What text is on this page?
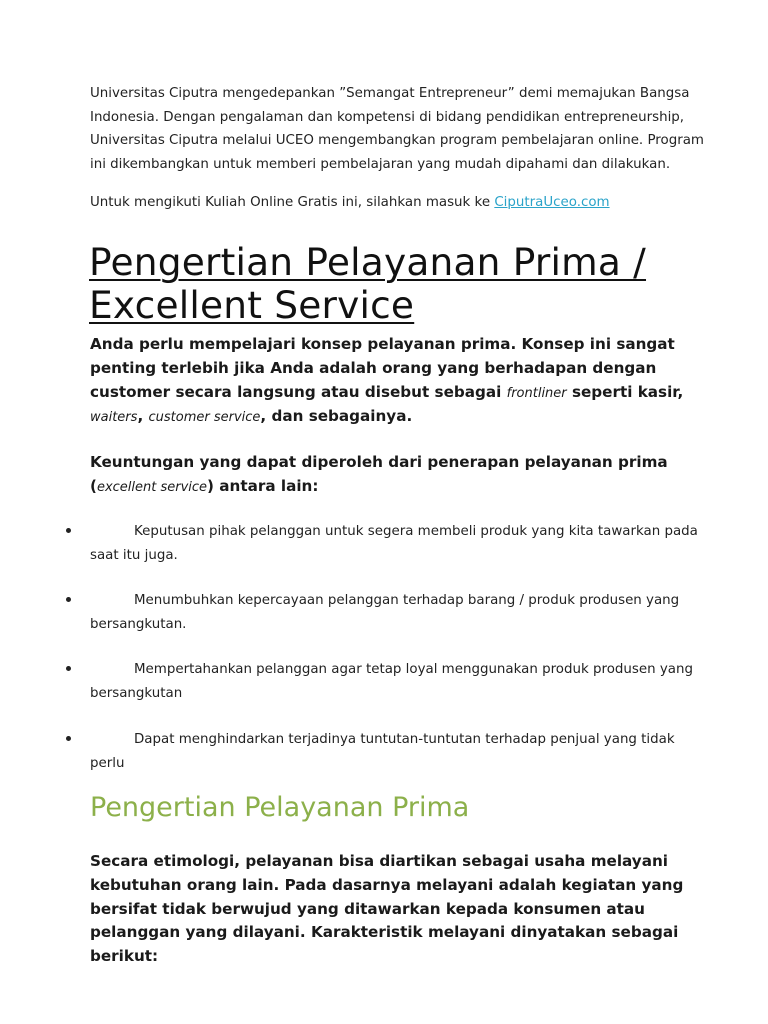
Universitas Ciputra mengedepankan ”Semangat Entrepreneur” demi memajukan Bangsa Indonesia. Dengan pengalaman dan kompetensi di bidang pendidikan entrepreneurship, Universitas Ciputra melalui UCEO mengembangkan program pembelajaran online. Program ini dikembangkan untuk memberi pembelajaran yang mudah dipahami dan dilakukan.

Untuk mengikuti Kuliah Online Gratis ini, silahkan masuk ke CiputraUceo.com

Pengertian Pelayanan Prima / Excellent Service

Anda perlu mempelajari konsep pelayanan prima. Konsep ini sangat penting terlebih jika Anda adalah orang yang berhadapan dengan customer secara langsung atau disebut sebagai frontliner seperti kasir, waiters, customer service, dan sebagainya.

Keuntungan yang dapat diperoleh dari penerapan pelayanan prima (excellent service) antara lain:

Keputusan pihak pelanggan untuk segera membeli produk yang kita tawarkan pada saat itu juga.
Menumbuhkan kepercayaan pelanggan terhadap barang / produk produsen yang bersangkutan.
Mempertahankan pelanggan agar tetap loyal menggunakan produk produsen yang bersangkutan
Dapat menghindarkan terjadinya tuntutan-tuntutan terhadap penjual yang tidak perlu
Pengertian Pelayanan Prima

Secara etimologi, pelayanan bisa diartikan sebagai usaha melayani kebutuhan orang lain. Pada dasarnya melayani adalah kegiatan yang bersifat tidak berwujud yang ditawarkan kepada konsumen atau pelanggan yang dilayani. Karakteristik melayani dinyatakan sebagai berikut:
